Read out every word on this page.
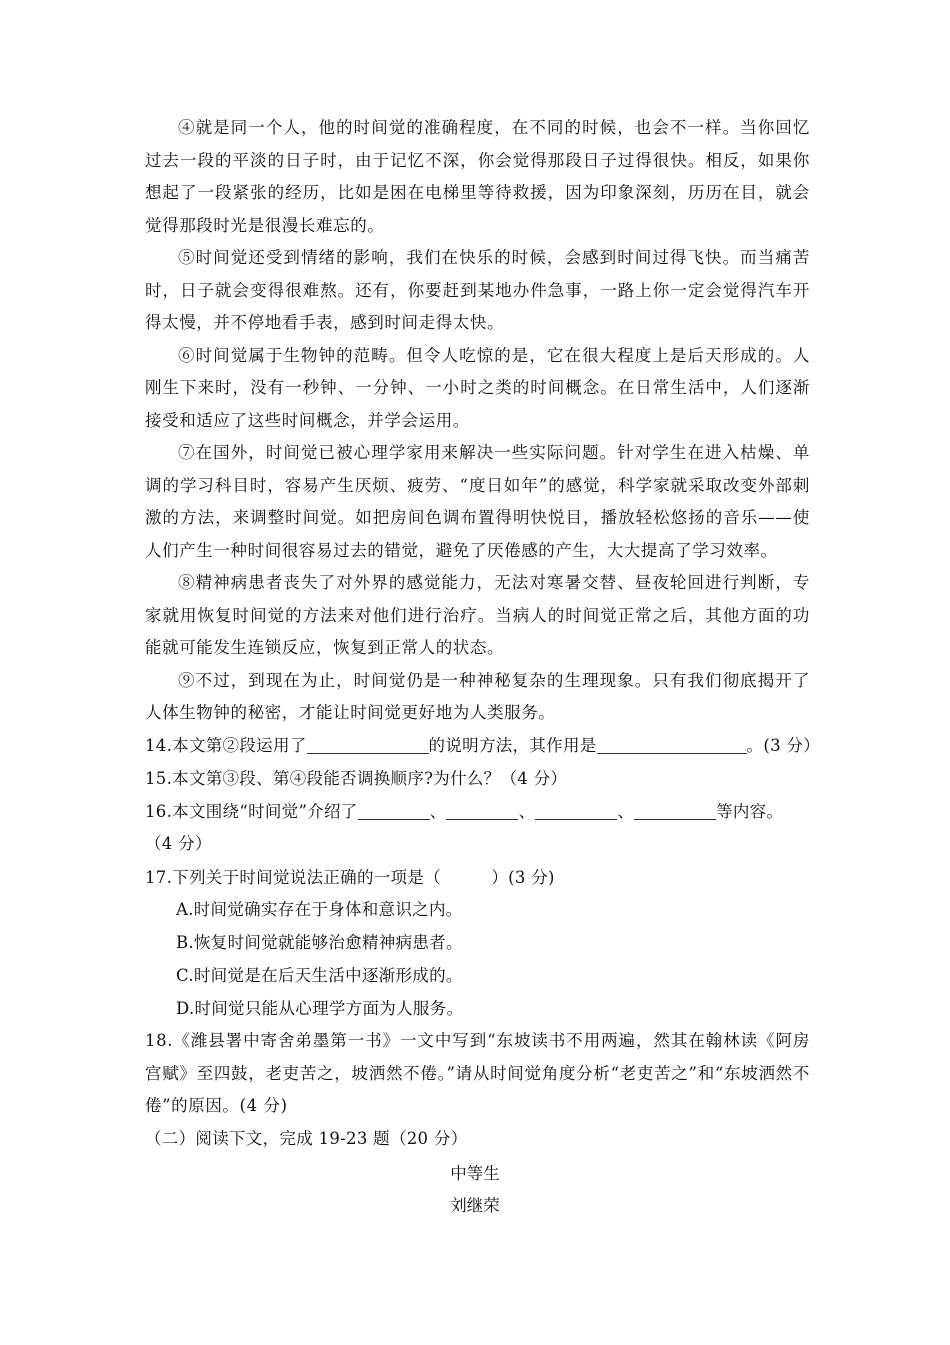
④就是同一个人，他的时间觉的准确程度，在不同的时候，也会不一样。当你回忆过去一段的平淡的日子时，由于记忆不深，你会觉得那段日子过得很快。相反，如果你想起了一段紧张的经历，比如是困在电梯里等待救援，因为印象深刻，历历在目，就会觉得那段时光是很漫长难忘的。

⑤时间觉还受到情绪的影响，我们在快乐的时候，会感到时间过得飞快。而当痛苦时，日子就会变得很难熬。还有，你要赶到某地办件急事，一路上你一定会觉得汽车开得太慢，并不停地看手表，感到时间走得太快。

⑥时间觉属于生物钟的范畴。但令人吃惊的是，它在很大程度上是后天形成的。人刚生下来时，没有一秒钟、一分钟、一小时之类的时间概念。在日常生活中，人们逐渐接受和适应了这些时间概念，并学会运用。

⑦在国外，时间觉已被心理学家用来解决一些实际问题。针对学生在进入枯燥、单调的学习科目时，容易产生厌烦、疲劳、“度日如年”的感觉，科学家就采取改变外部刺激的方法，来调整时间觉。如把房间色调布置得明快悦目，播放轻松悠扬的音乐——使人们产生一种时间很容易过去的错觉，避免了厌倦感的产生，大大提高了学习效率。

⑧精神病患者丧失了对外界的感觉能力，无法对寒暑交替、昼夜轮回进行判断，专家就用恢复时间觉的方法来对他们进行治疗。当病人的时间觉正常之后，其他方面的功能就可能发生连锁反应，恢复到正常人的状态。

⑨不过，到现在为止，时间觉仍是一种神秘复杂的生理现象。只有我们彻底揭开了人体生物钟的秘密，才能让时间觉更好地为人类服务。

14.本文第②段运用了	的说明方法，其作用是	。(3 分）
15.本文第③段、第④段能否调换顺序?为什么？（4 分）
16.本文围绕“时间觉”介绍了	、	、	、	等内容。
（4 分）
17.下列关于时间觉说法正确的一项是（　　　）(3 分)
A.时间觉确实存在于身体和意识之内。
B.恢复时间觉就能够治愈精神病患者。
C.时间觉是在后天生活中逐渐形成的。
D.时间觉只能从心理学方面为人服务。
18.《潍县署中寄舍弟墨第一书》一文中写到“东坡读书不用两遍，然其在翰林读《阿房宫赋》至四鼓，老吏苦之，坡洒然不倦。”请从时间觉角度分析“老吏苦之”和“东坡洒然不倦”的原因。(4 分)
（二）阅读下文，完成 19-23 题（20 分）
中等生
刘继荣
